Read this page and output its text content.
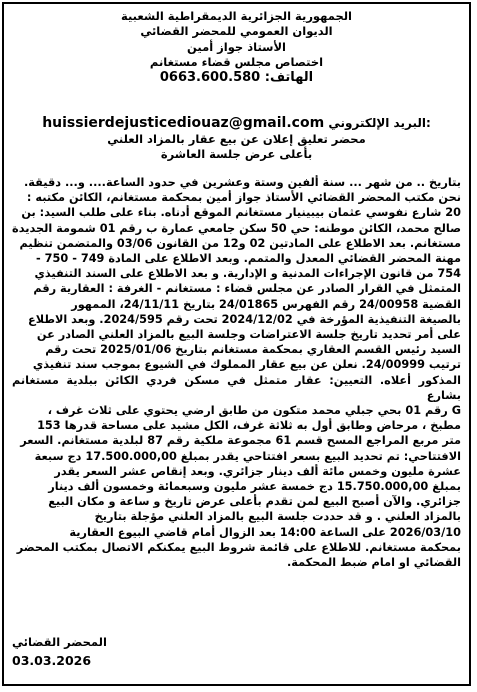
الجمهورية الجزائرية الديمقراطية الشعبية
الديوان العمومي للمحضر القضائي
الأستاذ جواز أمين
اختصاص مجلس قضاء مستغانم
الهاتف: 0663.600.580
huissierdejusticediouaz@gmail.com البريد الإلكتروني:
محضر تعليق إعلان عن بيع عقار بالمزاد العلني
بأعلى عرض جلسة العاشرة
بتاريخ .. من شهر ... سنة ألفين وستة وعشرين في حدود الساعة.... و... دقيقة.
نحن مكتب المحضر القضائي الأستاذ جواز أمين بمحكمة مستغانم، الكائن مكتبه :
20 شارع نفوسي عثمان بيبينيار مستغانم الموقع أدناه. بناء على طلب السيد: بن
صالح محمد، الكائن موطنه: حي 50 سكن جامعي عمارة ب رقم 01 شمومة الجديدة
مستغانم. بعد الاطلاع على المادتين 02 و12 من القانون 03/06 والمتضمن تنظيم
مهنة المحضر القضائي المعدل والمتمم. وبعد الاطلاع على المادة 749 - 750 -
754 من قانون الإجراءات المدنية و الإدارية. و بعد الاطلاع على السند التنفيذي
المتمثل في القرار الصادر عن مجلس قضاء : مستغانم - الغرفة : العقارية رقم
القضية 24/00958 رقم الفهرس 24/01865 بتاريخ 24/11/11، الممهور
بالصيغة التنفيذية المؤرخة في 2024/12/02 تحت رقم 2024/595. وبعد الاطلاع
على أمر تحديد تاريخ جلسة الاعتراضات وجلسة البيع بالمزاد العلني الصادر عن
السيد رئيس القسم العقاري بمحكمة مستغانم بتاريخ 2025/01/06 تحت رقم
ترتيب 24/00999. نعلن عن بيع عقار المملوك في الشيوع بموجب سند تنفيذي
المذكور أعلاه. التعيين: عقار متمثل في مسكن فردي الكائن ببلدية مستغانم بشارع
G رقم 01 بحي جبلي محمد متكون من طابق ارضي يحتوي على ثلاث غرف ،
مطبخ ، مرحاض وطابق أول به ثلاثة غرف، الكل مشيد على مساحة قدرها 153
متر مربع المراجع المسح قسم 61 مجموعة ملكية رقم 87 لبلدية مستغانم. السعر
الافتتاحي: تم تحديد البيع بسعر افتتاحي يقدر بمبلغ 17.500.000,00 دج سبعة
عشرة مليون وخمس مائة ألف دينار جزائري. وبعد إنقاص عشر السعر يقدر
بمبلغ 15.750.000,00 دج خمسة عشر مليون وسبعمائة وخمسون ألف دينار
جزائري. والآن أصبح البيع لمن تقدم بأعلى عرض تاريخ و ساعة و مكان البيع
بالمزاد العلني . و قد حددت جلسة البيع بالمزاد العلني مؤجلة بتاريخ
2026/03/10 على الساعة 14:00 بعد الزوال أمام قاضي البيوع العقارية
بمحكمة مستغانم. للاطلاع على قائمة شروط البيع يمكنكم الاتصال بمكتب المحضر
القضائي او امام ضبط المحكمة.
المحضر القضائي
03.03.2026
